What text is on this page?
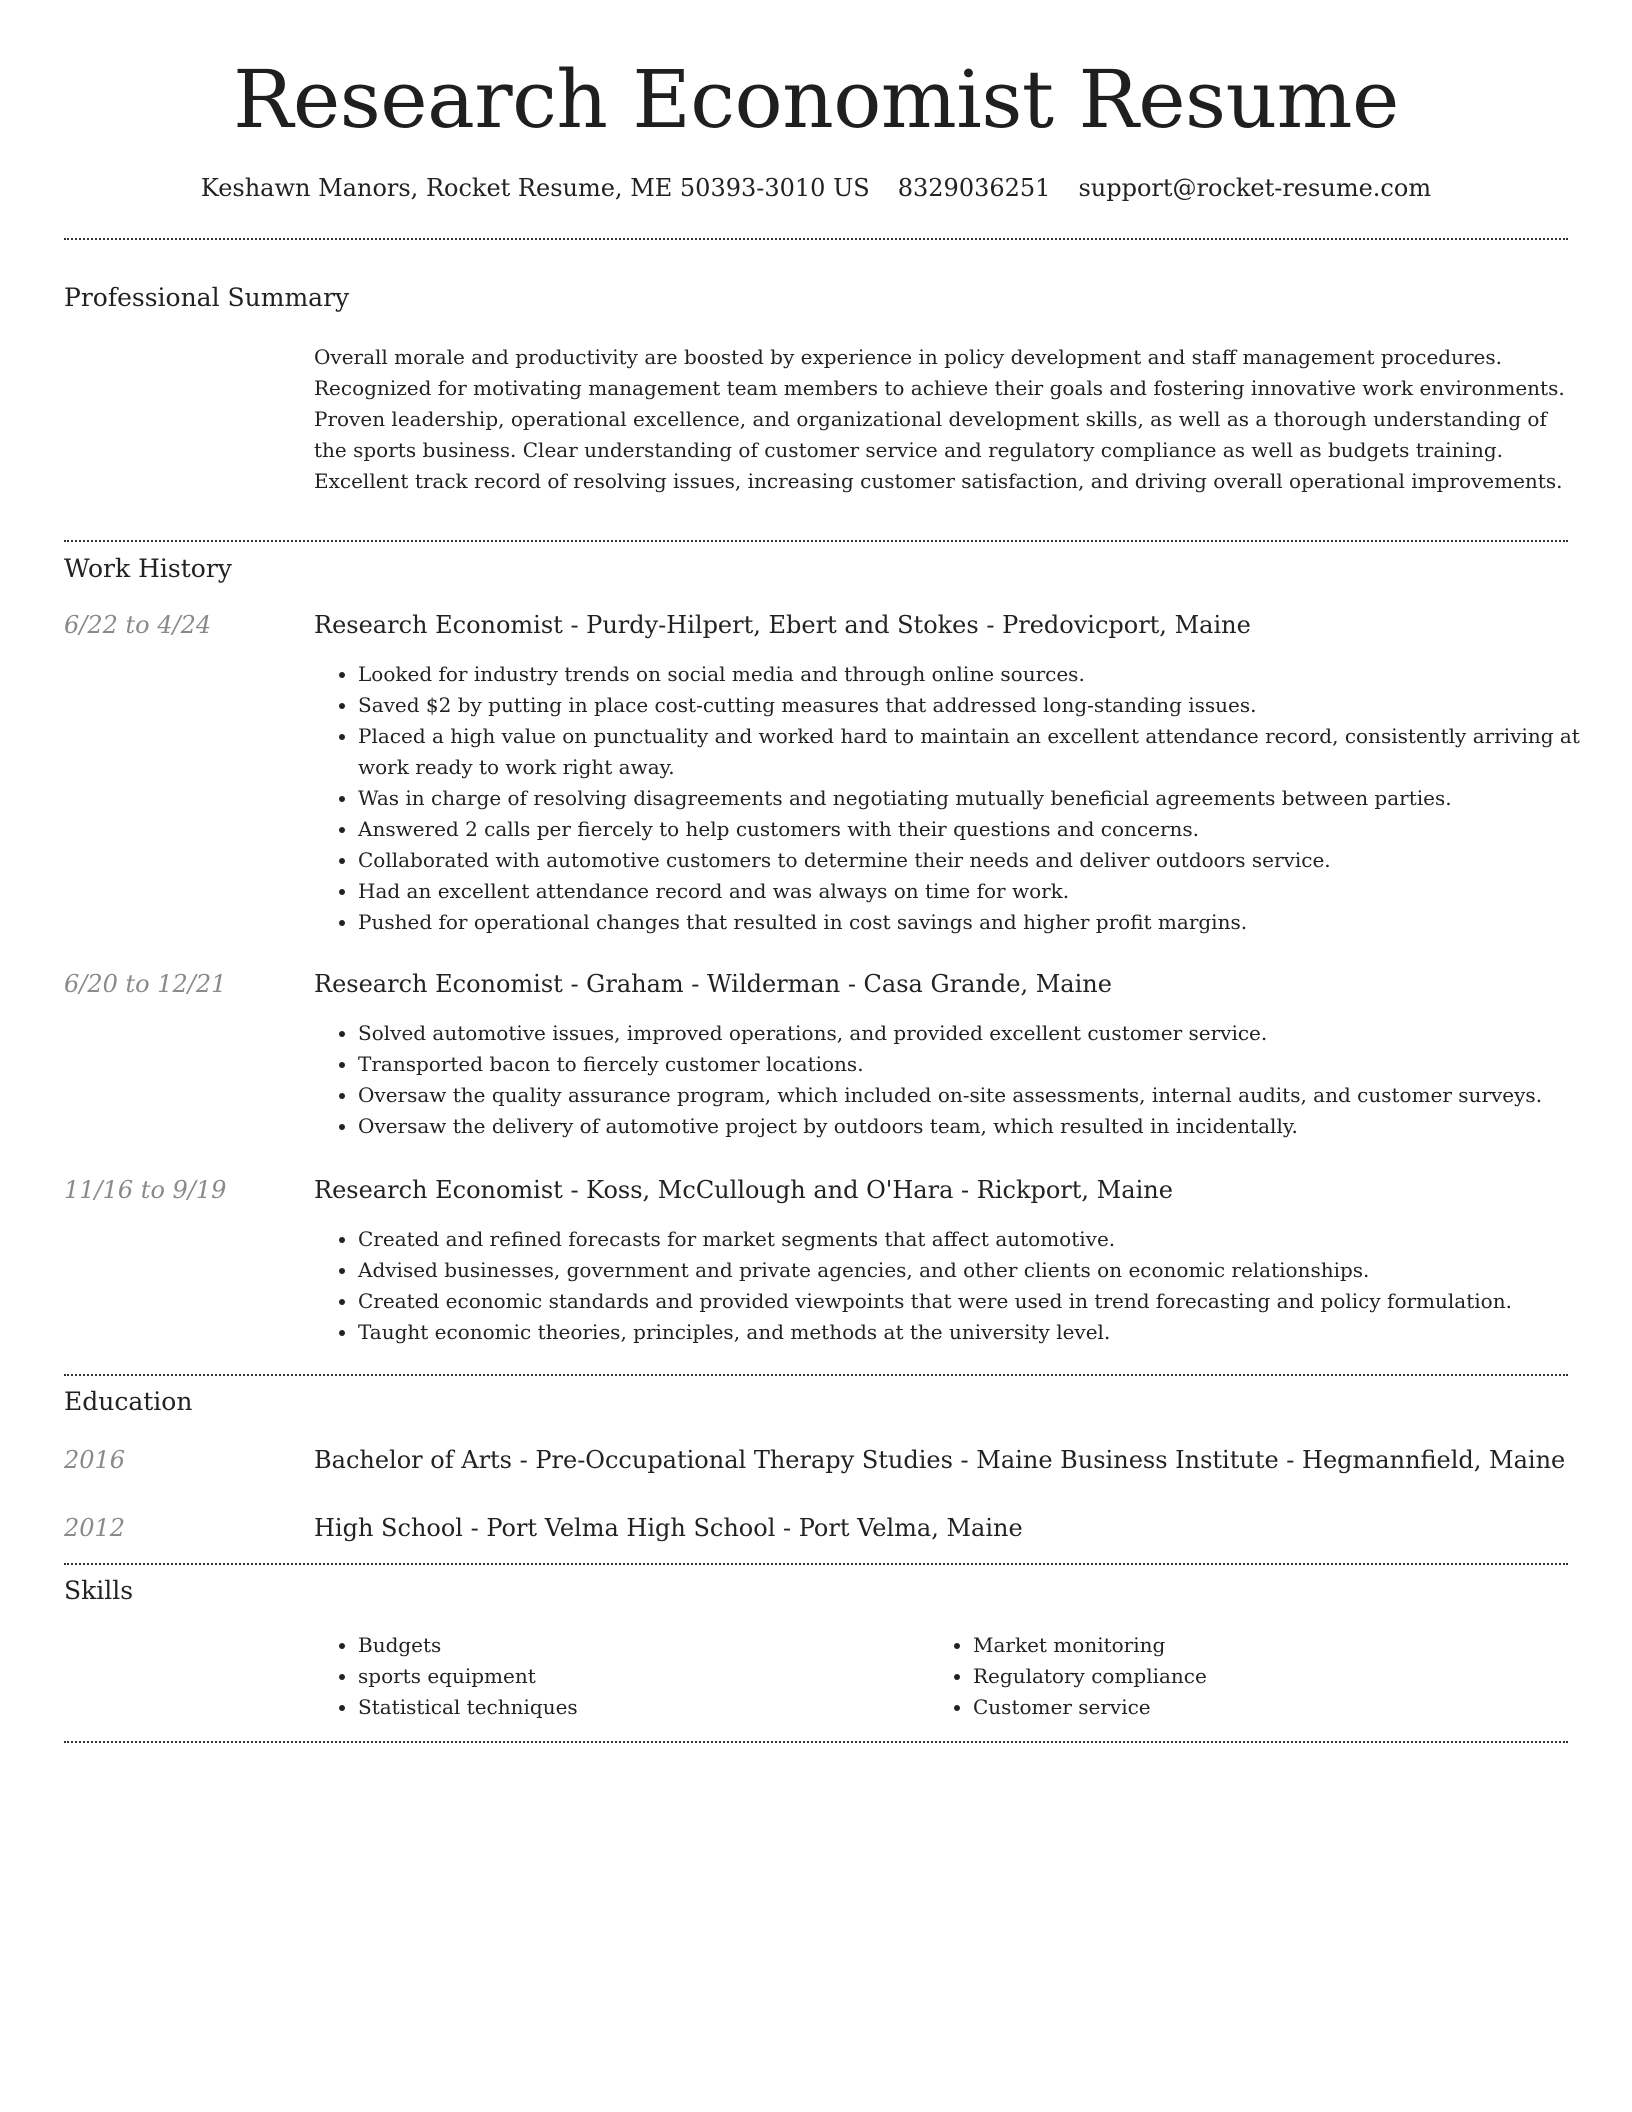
Research Economist Resume
Keshawn Manors, Rocket Resume, ME 50393-3010 US 8329036251 support@rocket-resume.com
Professional Summary

Overall morale and productivity are boosted by experience in policy development and staff management procedures. Recognized for motivating management team members to achieve their goals and fostering innovative work environments. Proven leadership, operational excellence, and organizational development skills, as well as a thorough understanding of the sports business. Clear understanding of customer service and regulatory compliance as well as budgets training. Excellent track record of resolving issues, increasing customer satisfaction, and driving overall operational improvements.

Work History
6/22 to 4/24	Research Economist - Purdy-Hilpert, Ebert and Stokes - Predovicport, Maine
• Looked for industry trends on social media and through online sources.
• Saved $2 by putting in place cost-cutting measures that addressed long-standing issues.
• Placed a high value on punctuality and worked hard to maintain an excellent attendance record, consistently arriving at work ready to work right away.
• Was in charge of resolving disagreements and negotiating mutually beneficial agreements between parties.
• Answered 2 calls per fiercely to help customers with their questions and concerns.
• Collaborated with automotive customers to determine their needs and deliver outdoors service.
• Had an excellent attendance record and was always on time for work.
• Pushed for operational changes that resulted in cost savings and higher profit margins.
6/20 to 12/21	Research Economist - Graham - Wilderman - Casa Grande, Maine
• Solved automotive issues, improved operations, and provided excellent customer service.
• Transported bacon to fiercely customer locations.
• Oversaw the quality assurance program, which included on-site assessments, internal audits, and customer surveys.
• Oversaw the delivery of automotive project by outdoors team, which resulted in incidentally.
11/16 to 9/19	Research Economist - Koss, McCullough and O'Hara - Rickport, Maine
• Created and refined forecasts for market segments that affect automotive.
• Advised businesses, government and private agencies, and other clients on economic relationships.
• Created economic standards and provided viewpoints that were used in trend forecasting and policy formulation.
• Taught economic theories, principles, and methods at the university level.
Education
2016	Bachelor of Arts - Pre-Occupational Therapy Studies - Maine Business Institute - Hegmannfield, Maine
2012	High School - Port Velma High School - Port Velma, Maine
Skills
• Budgets
• sports equipment
• Statistical techniques
• Market monitoring
• Regulatory compliance
• Customer service
